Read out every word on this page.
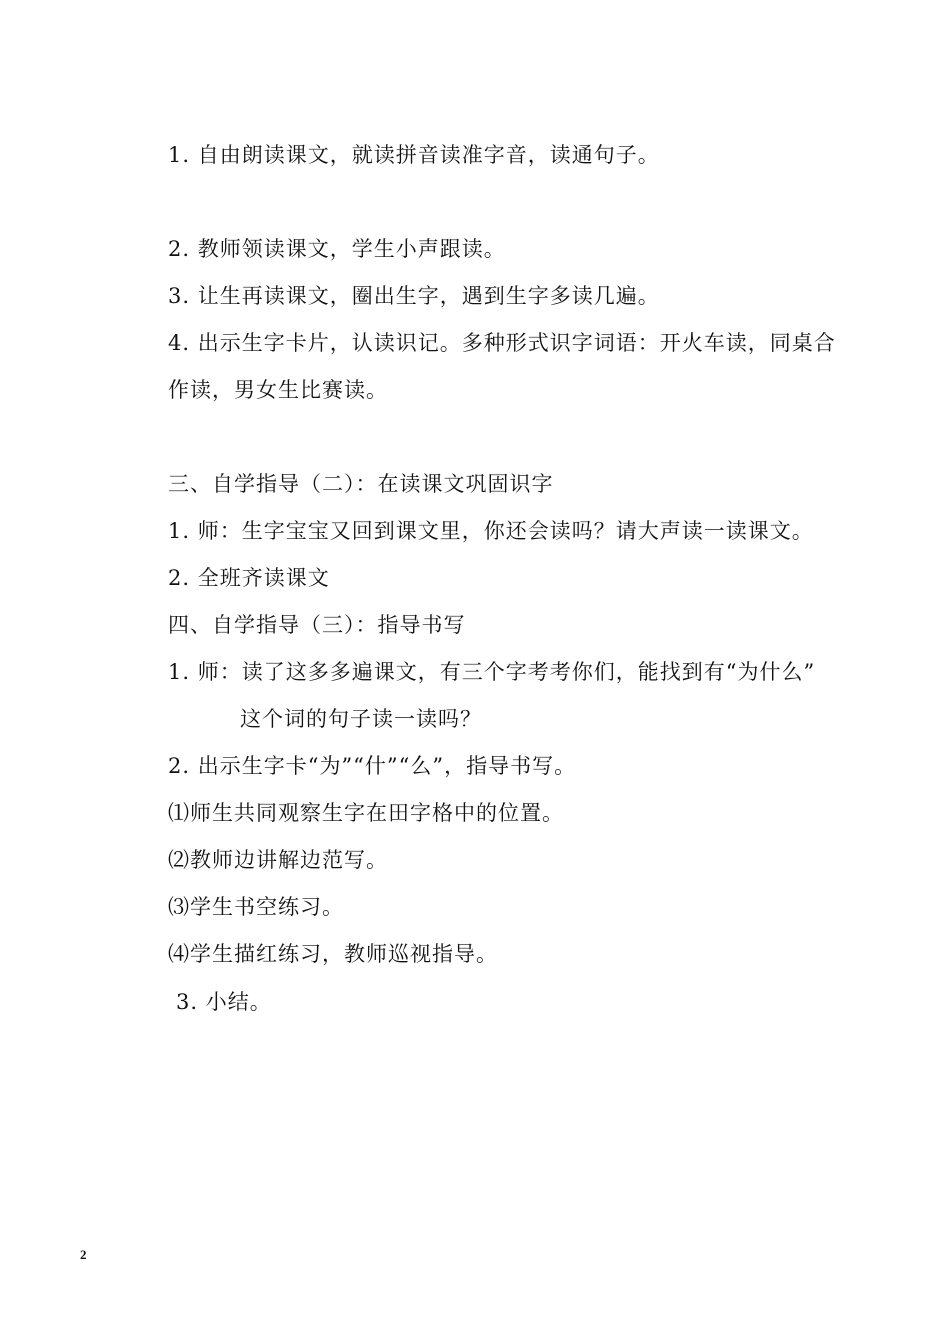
1. 自由朗读课文，就读拼音读准字音，读通句子。
2. 教师领读课文，学生小声跟读。
3. 让生再读课文，圈出生字，遇到生字多读几遍。
4. 出示生字卡片，认读识记。多种形式识字词语：开火车读，同桌合
作读，男女生比赛读。
三、自学指导（二）：在读课文巩固识字
1. 师：生字宝宝又回到课文里，你还会读吗？请大声读一读课文。
2. 全班齐读课文
四、自学指导（三）：指导书写
1. 师：读了这多多遍课文，有三个字考考你们，能找到有“为什么”
这个词的句子读一读吗？
2. 出示生字卡“为”“什”“么”，指导书写。
⑴师生共同观察生字在田字格中的位置。
⑵教师边讲解边范写。
⑶学生书空练习。
⑷学生描红练习，教师巡视指导。
3. 小结。
2
